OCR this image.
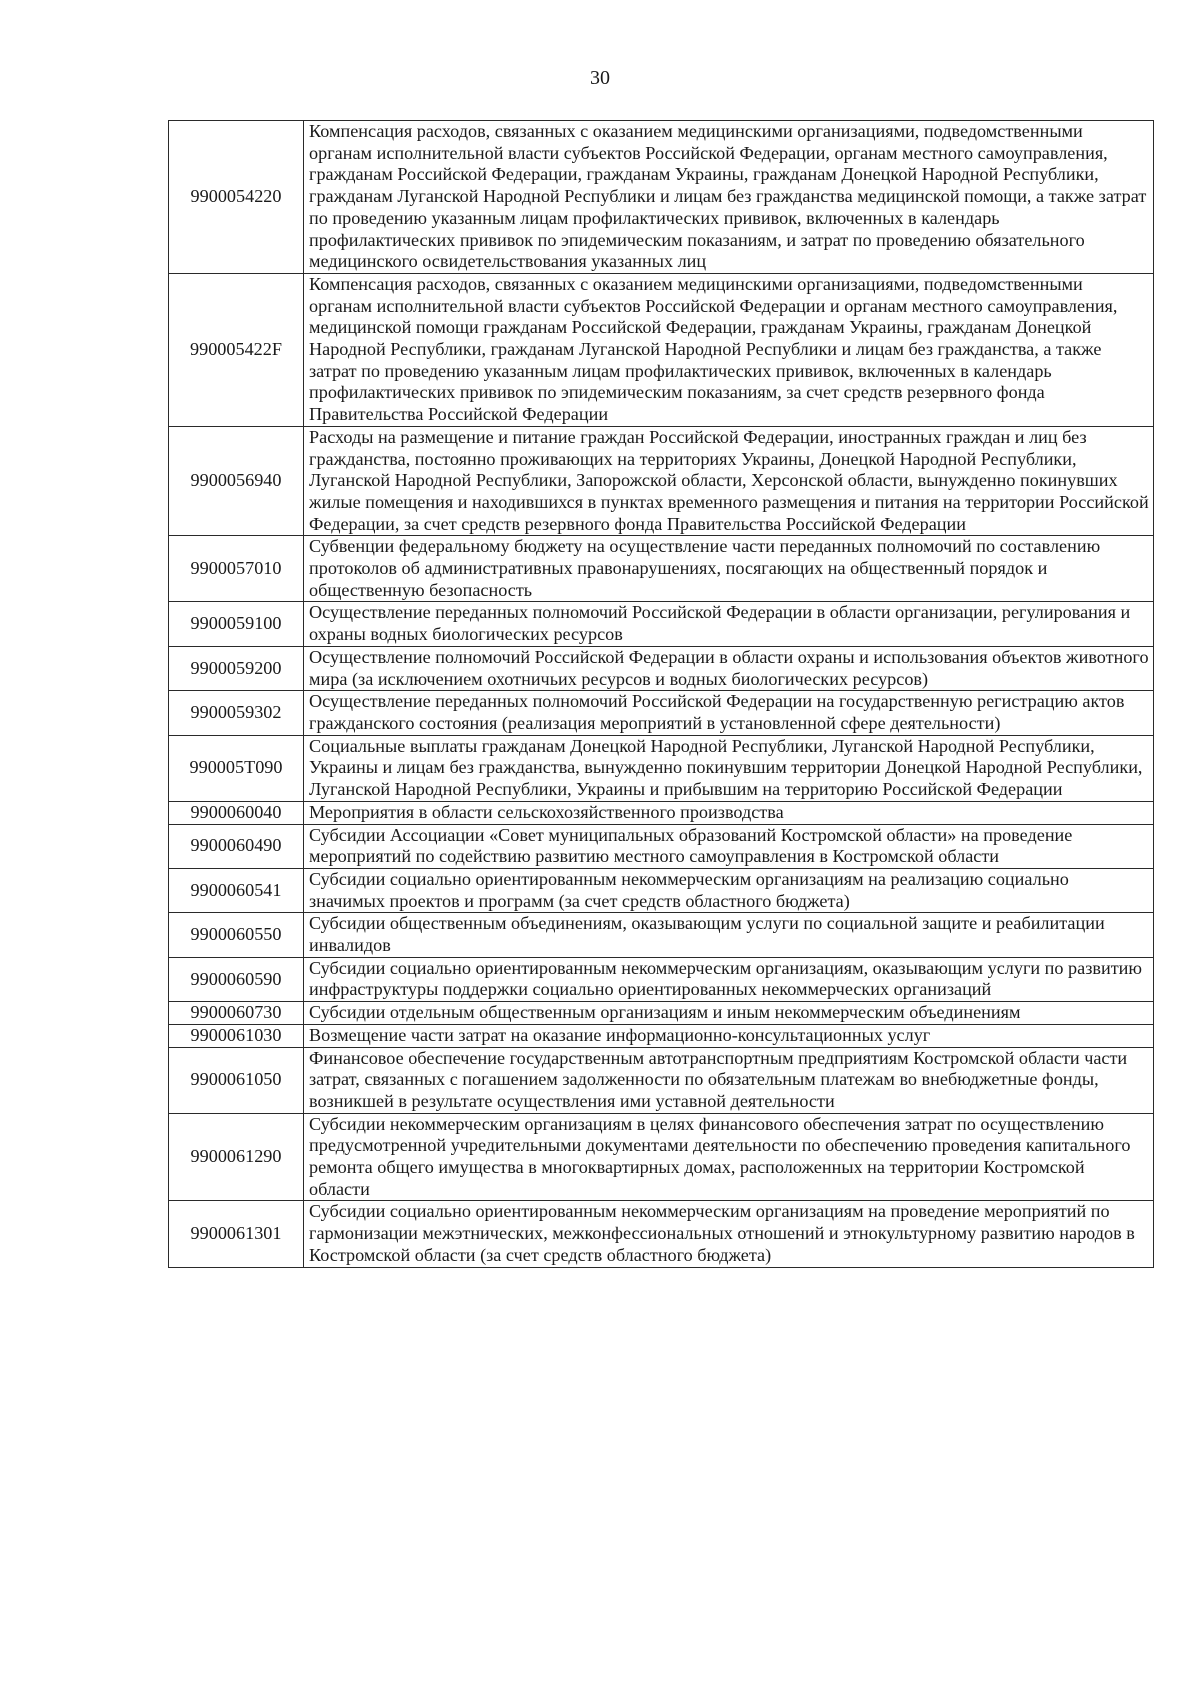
30
9900054220	Компенсация расходов, связанных с оказанием медицинскими организациями, подведомственными органам исполнительной власти субъектов Российской Федерации, органам местного самоуправления, гражданам Российской Федерации, гражданам Украины, гражданам Донецкой Народной Республики, гражданам Луганской Народной Республики и лицам без гражданства медицинской помощи, а также затрат по проведению указанным лицам профилактических прививок, включенных в календарь профилактических прививок по эпидемическим показаниям, и затрат по проведению обязательного медицинского освидетельствования указанных лиц
990005422F	Компенсация расходов, связанных с оказанием медицинскими организациями, подведомственными органам исполнительной власти субъектов Российской Федерации и органам местного самоуправления, медицинской помощи гражданам Российской Федерации, гражданам Украины, гражданам Донецкой Народной Республики, гражданам Луганской Народной Республики и лицам без гражданства, а также затрат по проведению указанным лицам профилактических прививок, включенных в календарь профилактических прививок по эпидемическим показаниям, за счет средств резервного фонда Правительства Российской Федерации
9900056940	Расходы на размещение и питание граждан Российской Федерации, иностранных граждан и лиц без гражданства, постоянно проживающих на территориях Украины, Донецкой Народной Республики, Луганской Народной Республики, Запорожской области, Херсонской области, вынужденно покинувших жилые помещения и находившихся в пунктах временного размещения и питания на территории Российской Федерации, за счет средств резервного фонда Правительства Российской Федерации
9900057010	Субвенции федеральному бюджету на осуществление части переданных полномочий по составлению протоколов об административных правонарушениях, посягающих на общественный порядок и общественную безопасность
9900059100	Осуществление переданных полномочий Российской Федерации в области организации, регулирования и охраны водных биологических ресурсов
9900059200	Осуществление полномочий Российской Федерации в области охраны и использования объектов животного мира (за исключением охотничьих ресурсов и водных биологических ресурсов)
9900059302	Осуществление переданных полномочий Российской Федерации на государственную регистрацию актов гражданского состояния (реализация мероприятий в установленной сфере деятельности)
990005Т090	Социальные выплаты гражданам Донецкой Народной Республики, Луганской Народной Республики, Украины и лицам без гражданства, вынужденно покинувшим территории Донецкой Народной Республики, Луганской Народной Республики, Украины и прибывшим на территорию Российской Федерации
9900060040	Мероприятия в области сельскохозяйственного производства
9900060490	Субсидии Ассоциации «Совет муниципальных образований Костромской области» на проведение мероприятий по содействию развитию местного самоуправления в Костромской области
9900060541	Субсидии социально ориентированным некоммерческим организациям на реализацию социально значимых проектов и программ (за счет средств областного бюджета)
9900060550	Субсидии общественным объединениям, оказывающим услуги по социальной защите и реабилитации инвалидов
9900060590	Субсидии социально ориентированным некоммерческим организациям, оказывающим услуги по развитию инфраструктуры поддержки социально ориентированных некоммерческих организаций
9900060730	Субсидии отдельным общественным организациям и иным некоммерческим объединениям
9900061030	Возмещение части затрат на оказание информационно-консультационных услуг
9900061050	Финансовое обеспечение государственным автотранспортным предприятиям Костромской области части затрат, связанных с погашением задолженности по обязательным платежам во внебюджетные фонды, возникшей в результате осуществления ими уставной деятельности
9900061290	Субсидии некоммерческим организациям в целях финансового обеспечения затрат по осуществлению предусмотренной учредительными документами деятельности по обеспечению проведения капитального ремонта общего имущества в многоквартирных домах, расположенных на территории Костромской области
9900061301	Субсидии социально ориентированным некоммерческим организациям на проведение мероприятий по гармонизации межэтнических, межконфессиональных отношений и этнокультурному развитию народов в Костромской области (за счет средств областного бюджета)
